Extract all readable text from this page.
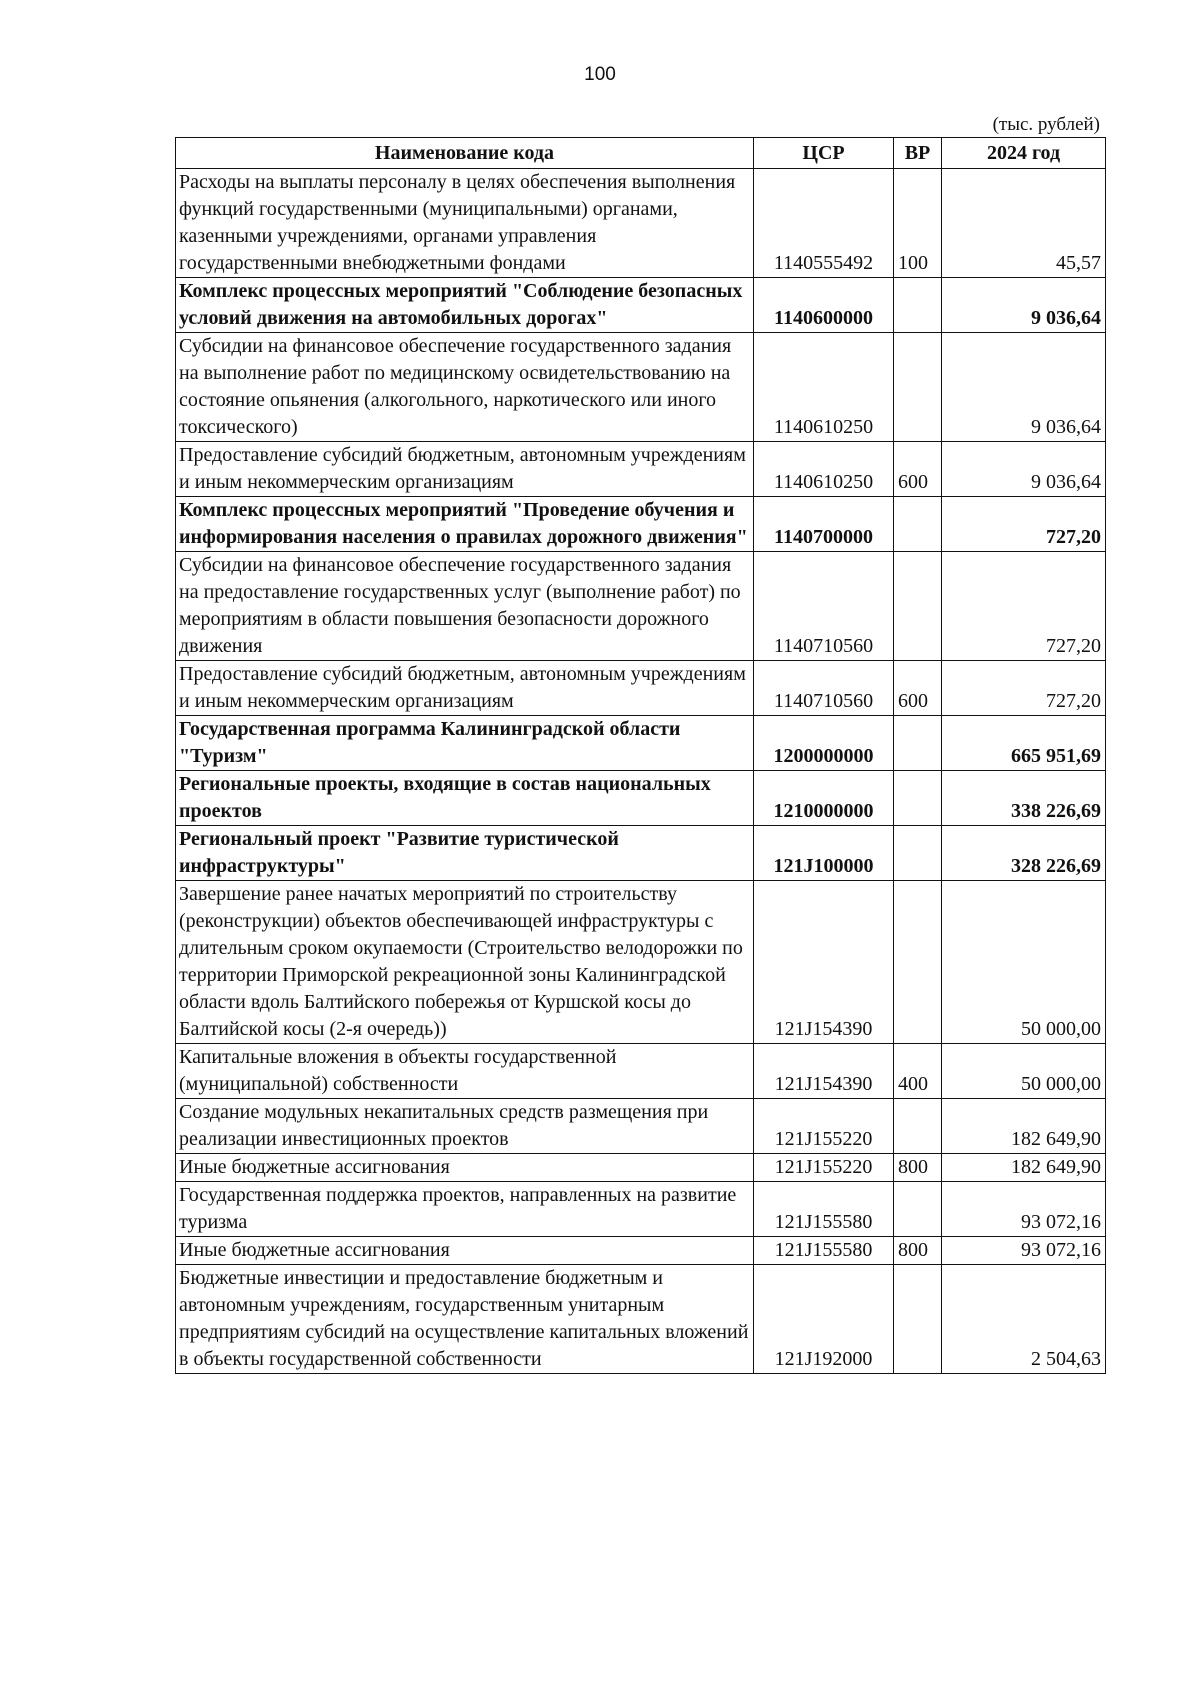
100
(тыс. рублей)
Наименование кода	ЦСР	ВР	2024 год
Расходы на выплаты персоналу в целях обеспечения выполнения функций государственными (муниципальными) органами, казенными учреждениями, органами управления государственными внебюджетными фондами	1140555492	100	45,57
Комплекс процессных мероприятий "Соблюдение безопасных условий движения на автомобильных дорогах"	1140600000		9 036,64
Субсидии на финансовое обеспечение государственного задания на выполнение работ по медицинскому освидетельствованию на состояние опьянения (алкогольного, наркотического или иного токсического)	1140610250		9 036,64
Предоставление субсидий бюджетным, автономным учреждениям и иным некоммерческим организациям	1140610250	600	9 036,64
Комплекс процессных мероприятий "Проведение обучения и информирования населения о правилах дорожного движения"	1140700000		727,20
Субсидии на финансовое обеспечение государственного задания на предоставление государственных услуг (выполнение работ) по мероприятиям в области повышения безопасности дорожного движения	1140710560		727,20
Предоставление субсидий бюджетным, автономным учреждениям и иным некоммерческим организациям	1140710560	600	727,20
Государственная программа Калининградской области "Туризм"	1200000000		665 951,69
Региональные проекты, входящие в состав национальных проектов	1210000000		338 226,69
Региональный проект "Развитие туристической инфраструктуры"	121J100000		328 226,69
Завершение ранее начатых мероприятий по строительству (реконструкции) объектов обеспечивающей инфраструктуры с длительным сроком окупаемости (Строительство велодорожки по территории Приморской рекреационной зоны Калининградской области вдоль Балтийского побережья от Куршской косы до Балтийской косы (2-я очередь))	121J154390		50 000,00
Капитальные вложения в объекты государственной (муниципальной) собственности	121J154390	400	50 000,00
Создание модульных некапитальных средств размещения при реализации инвестиционных проектов	121J155220		182 649,90
Иные бюджетные ассигнования	121J155220	800	182 649,90
Государственная поддержка проектов, направленных на развитие туризма	121J155580		93 072,16
Иные бюджетные ассигнования	121J155580	800	93 072,16
Бюджетные инвестиции и предоставление бюджетным и автономным учреждениям, государственным унитарным предприятиям субсидий на осуществление капитальных вложений в объекты государственной собственности	121J192000		2 504,63
